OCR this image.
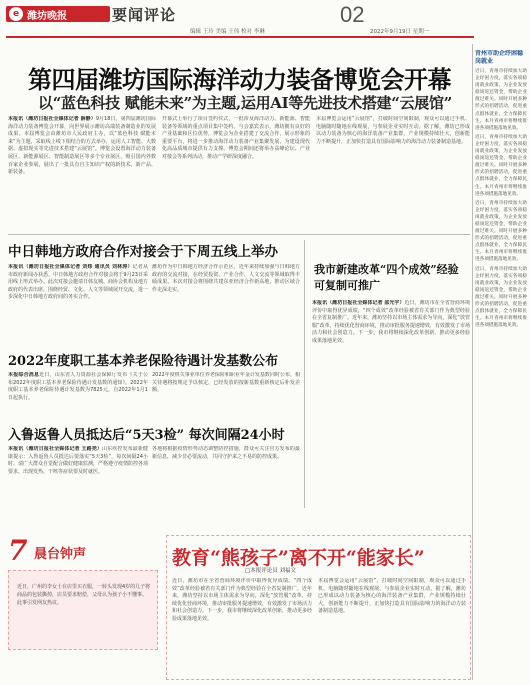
e 潍坊晚报	要闻评论	02
编辑 王玲 美编 王伟 校对 李琳	2022年9月19日 星期一
第四届潍坊国际海洋动力装备博览会开幕
以“蓝色科技 赋能未来”为主题,运用AI等先进技术搭建“云展馆”
本报讯（潍坊日报社全媒体记者 薛静）9月18日，第四届潍坊国际海洋动力装备博览会开幕，向世界展示潍坊高端装备制造业的发展成果。本届博览会由潍坊市人民政府主办，以“蓝色科技 赋能未来”为主题，采取线上线下相结合的方式举办，运用人工智能、大数据、虚拟现实等先进技术搭建“云展馆”。博览会设置海洋动力装备展区、新能源展区、智能制造展区等多个专业展区，吸引国内外数百家企业参展，展出了一批具有自主知识产权的新技术、新产品、新装备。
开幕式上举行了项目签约仪式，一批涉及海洋动力、新能源、智能装备等领域的重点项目集中签约。与会嘉宾表示，潍坊拥有良好的产业基础和区位优势，博览会为企业搭建了交流合作、展示形象的重要平台，将进一步推动海洋动力装备产业集聚发展，为建设现代化高品质城市提供有力支撑。博览会期间还将举办高峰论坛、产业对接会等系列活动，推动产学研深度融合。
本届博览会运用“云展馆”，打破时间空间限制，观众可以通过手机、电脑随时随地在线观展，与参展企业实时互动。据了解，潍坊已形成以动力装备为核心的海洋装备产业集群，产业规模持续壮大，创新能力不断提升，正加快打造具有国际影响力的海洋动力装备制造基地。
中日韩地方政府合作对接会于下周五线上举办
本报讯（潍坊日报社全媒体记者 刘炜 通讯员 刘林涛）记者从市政府新闻办获悉，中日韩地方政府合作对接会将于9月23日采用线上形式举办。此次对接会邀请日韩友城、商协会机构及地方政府的代表出席，围绕经贸、文化、人文等领域展开交流，进一步深化中日韩地方政府间的务实合作。
潍坊作为中日韩地方经济合作示范区，近年来持续加强与日韩地方政府的交流对接，在经贸投资、产业合作、人文交流等领域取得丰硕成果。本次对接会将围绕共建东亚经济合作新高地，推动区域合作走深走实。
我市新建改革“四个成效”经验可复制可推广
本报讯（潍坊日报社全媒体记者 邵光宇）近日，潍坊市在全省营商环境评价中取得优异成绩，“四个成效”改革经验被省有关部门作为典型经验在全省复制推广。近年来，潍坊坚持以市场主体需求为导向，深化“放管服”改革，持续优化营商环境，推动审批服务提速增效，有效激发了市场活力和社会创造力。下一步，我市将继续深化改革创新，推动更多经验成果落地见效。
2022年度职工基本养老保险待遇计发基数公布
本报综合消息近日，山东省人力资源社会保障厅发布《关于公布2022年度职工基本养老保险待遇计发基数的通知》。2022年度职工基本养老保险待遇计发基数为7825元，自2022年1月1日起执行。
2022年度机关事业单位养老保险和职业年金计发基数同时公布，相关待遇将按规定予以核定，已经发放的按新基数重新核定后补发差额。
入鲁返鲁人员抵达后“5天3检” 每次间隔24小时
本报讯（潍坊日报社全媒体记者 王路尧）山东疾控发布最新健康提示：入鲁返鲁人员抵达后要落实“5天3检”，每次间隔24小时。请广大群众自觉配合做好健康监测，严格遵守疫情防控各项要求，出现发热、干咳等症状要及时就医。
各地将根据疫情形势动态调整防控措施，群众可关注官方发布的最新信息，减少非必要流动，共同守护来之不易的防控成果。
青州市助企纾困稳岗就业
近日，青州市持续加大助企纾困力度，落实各项稳岗就业政策，为企业发放稳岗返还资金，帮助企业渡过难关。同时开展多种形式的招聘活动，促进重点群体就业，全力保障民生。本月青州市将继续推进各项措施落地见效。
近日，青州市持续加大助企纾困力度，落实各项稳岗就业政策，为企业发放稳岗返还资金，帮助企业渡过难关。同时开展多种形式的招聘活动，促进重点群体就业，全力保障民生。本月青州市将继续推进各项措施落地见效。
近日，青州市持续加大助企纾困力度，落实各项稳岗就业政策，为企业发放稳岗返还资金，帮助企业渡过难关。同时开展多种形式的招聘活动，促进重点群体就业，全力保障民生。本月青州市将继续推进各项措施落地见效。
近日，青州市持续加大助企纾困力度，落实各项稳岗就业政策，为企业发放稳岗返还资金，帮助企业渡过难关。同时开展多种形式的招聘活动，促进重点群体就业，全力保障民生。本月青州市将继续推进各项措施落地见效。
7 晨台钟声
近日，广州的李女士在店里买衣服，一转头发现4岁的儿子将商品的包装撕掉，店员要求赔偿，父母认为孩子小不懂事。此事引发网友热议。
教育“熊孩子”离不开“能家长”
□本报评论员 刘福文
近日，潍坊市在全省营商环境评价中取得优异成绩，“四个成效”改革经验被省有关部门作为典型经验在全省复制推广。近年来，潍坊坚持以市场主体需求为导向，深化“放管服”改革，持续优化营商环境，推动审批服务提速增效，有效激发了市场活力和社会创造力。下一步，我市将继续深化改革创新，推动更多经验成果落地见效。
本届博览会运用“云展馆”，打破时间空间限制，观众可以通过手机、电脑随时随地在线观展，与参展企业实时互动。据了解，潍坊已形成以动力装备为核心的海洋装备产业集群，产业规模持续壮大，创新能力不断提升，正加快打造具有国际影响力的海洋动力装备制造基地。
